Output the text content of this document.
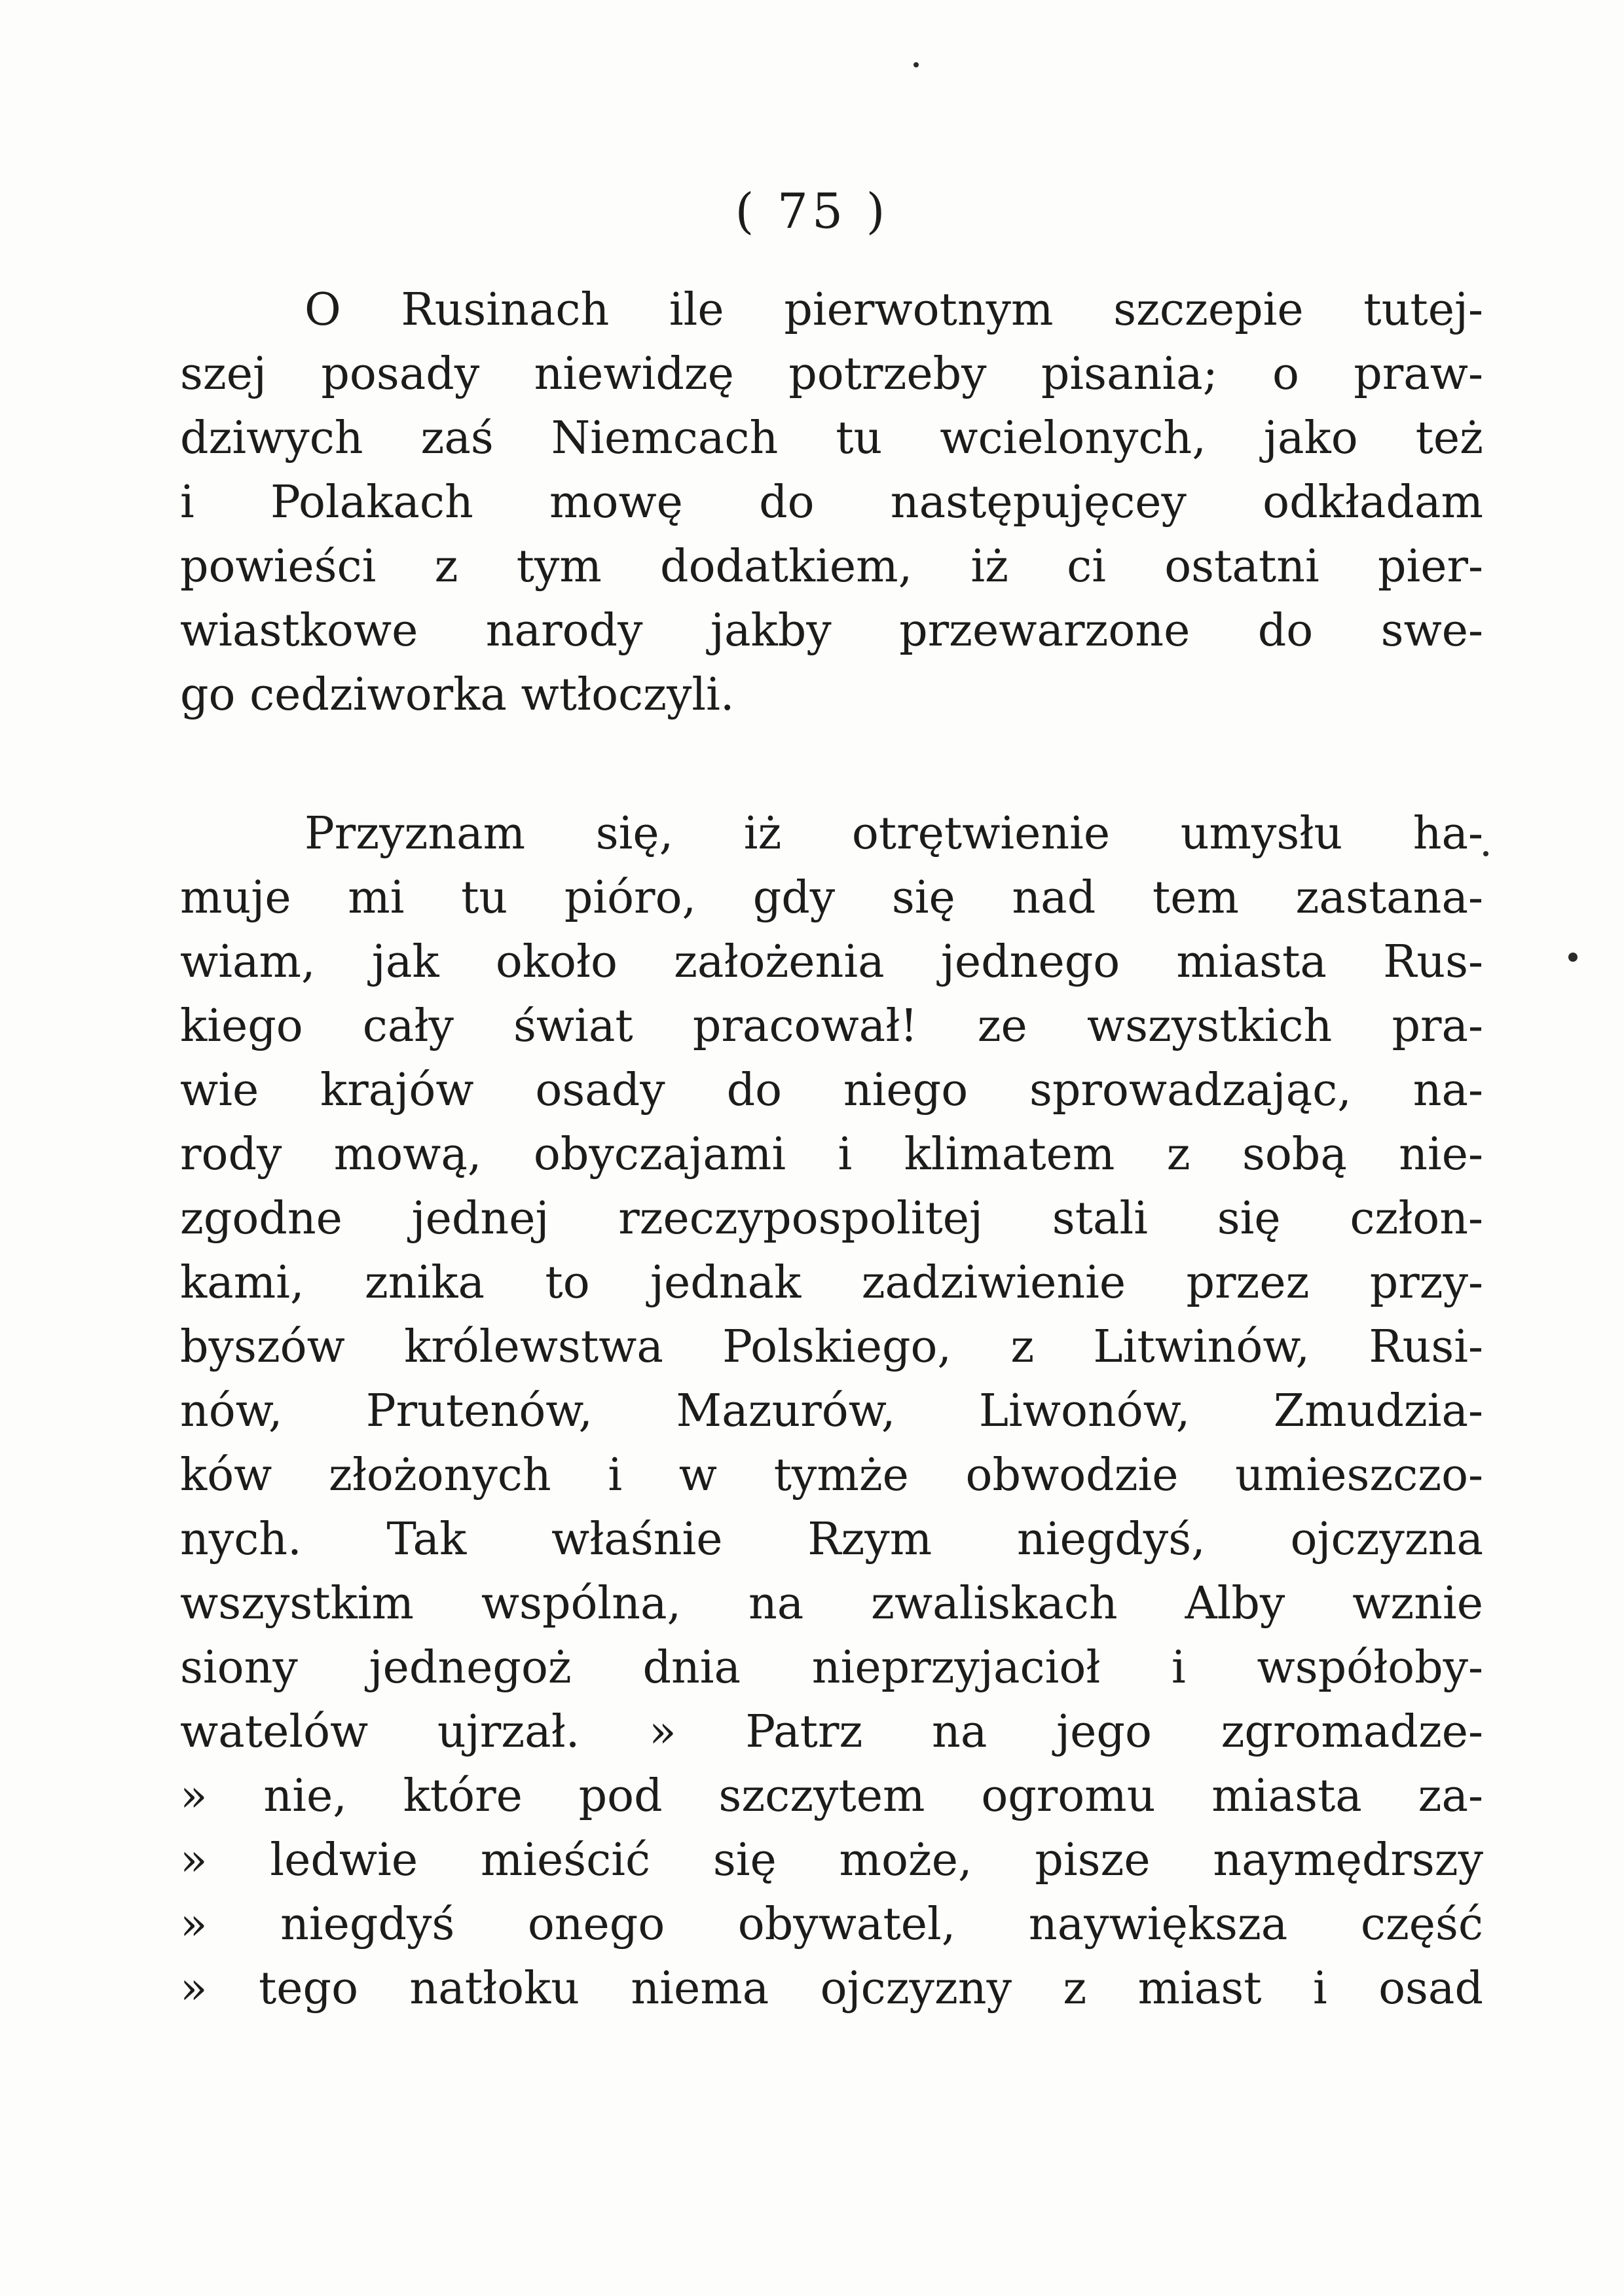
( 75 )
O Rusinach ile pierwotnym szczepie tutej-
szej posady niewidzę potrzeby pisania; o praw-
dziwych zaś Niemcach tu wcielonych, jako też
i Polakach mowę do następujęcey odkładam
powieści z tym dodatkiem, iż ci ostatni pier-
wiastkowe narody jakby przewarzone do swe-
go cedziworka wtłoczyli.
Przyznam się, iż otrętwienie umysłu ha-
muje mi tu pióro, gdy się nad tem zastana-
wiam, jak około założenia jednego miasta Rus-
kiego cały świat pracował! ze wszystkich pra-
wie krajów osady do niego sprowadzając, na-
rody mową, obyczajami i klimatem z sobą nie-
zgodne jednej rzeczypospolitej stali się człon-
kami, znika to jednak zadziwienie przez przy-
byszów królewstwa Polskiego, z Litwinów, Rusi-
nów, Prutenów, Mazurów, Liwonów, Zmudzia-
ków złożonych i w tymże obwodzie umieszczo-
nych. Tak właśnie Rzym niegdyś, ojczyzna
wszystkim wspólna, na zwaliskach Alby wznie
siony jednegoż dnia nieprzyjacioł i współoby-
watelów ujrzał. » Patrz na jego zgromadze-
» nie, które pod szczytem ogromu miasta za-
» ledwie mieścić się może, pisze naymędrszy
» niegdyś onego obywatel, naywiększa część
» tego natłoku niema ojczyzny z miast i osad
